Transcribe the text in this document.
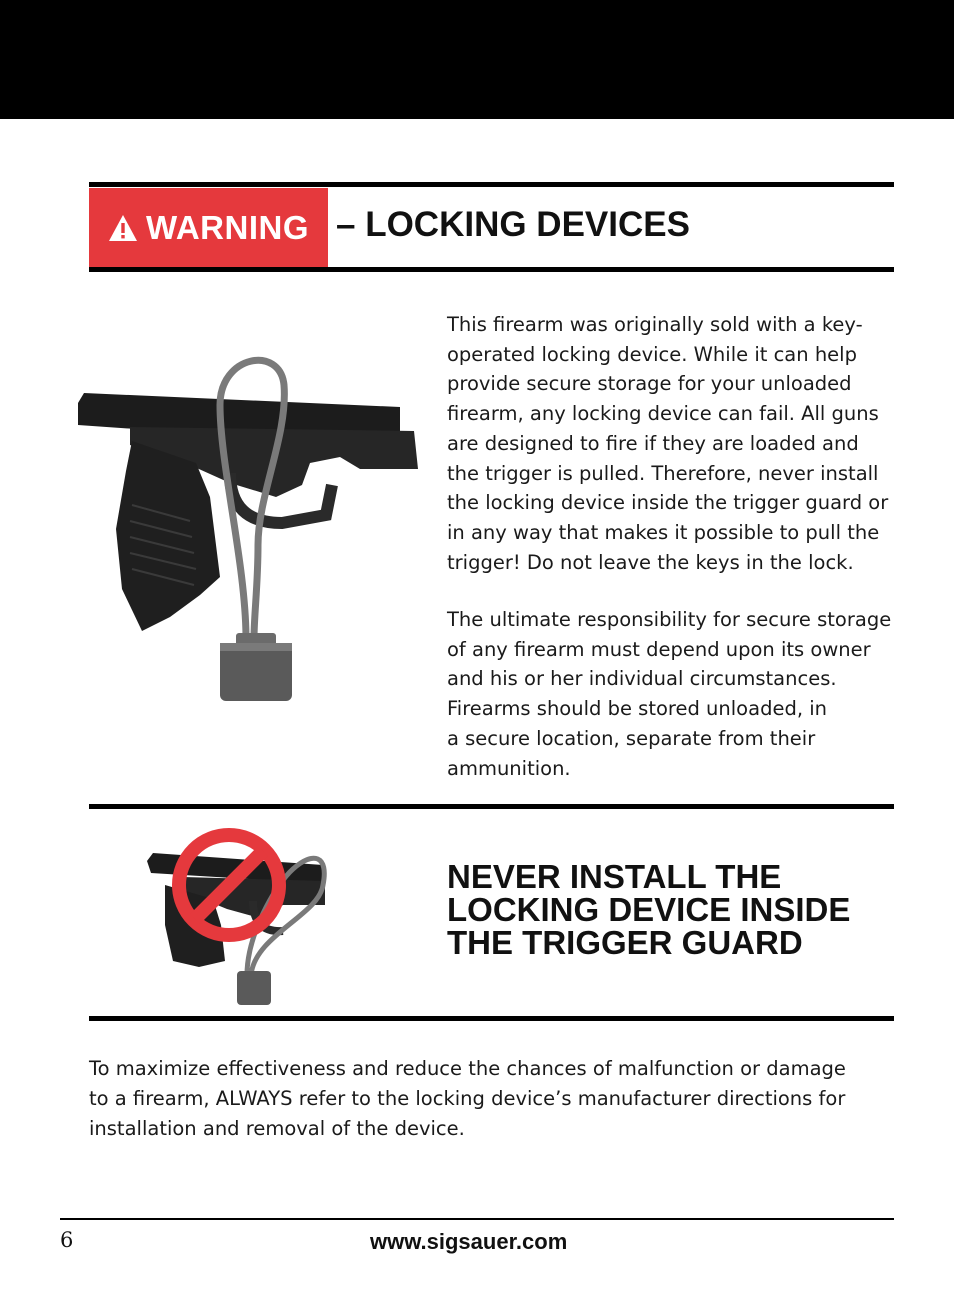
WARNING – LOCKING DEVICES
This firearm was originally sold with a key-
operated locking device. While it can help
provide secure storage for your unloaded
firearm, any locking device can fail. All guns
are designed to fire if they are loaded and
the trigger is pulled. Therefore, never install
the locking device inside the trigger guard or
in any way that makes it possible to pull the
trigger! Do not leave the keys in the lock.
The ultimate responsibility for secure storage
of any firearm must depend upon its owner
and his or her individual circumstances.
Firearms should be stored unloaded, in
a secure location, separate from their
ammunition.
NEVER INSTALL THE
LOCKING DEVICE INSIDE
THE TRIGGER GUARD
To maximize effectiveness and reduce the chances of malfunction or damage
to a firearm, ALWAYS refer to the locking device’s manufacturer directions for
installation and removal of the device.
6	www.sigsauer.com
